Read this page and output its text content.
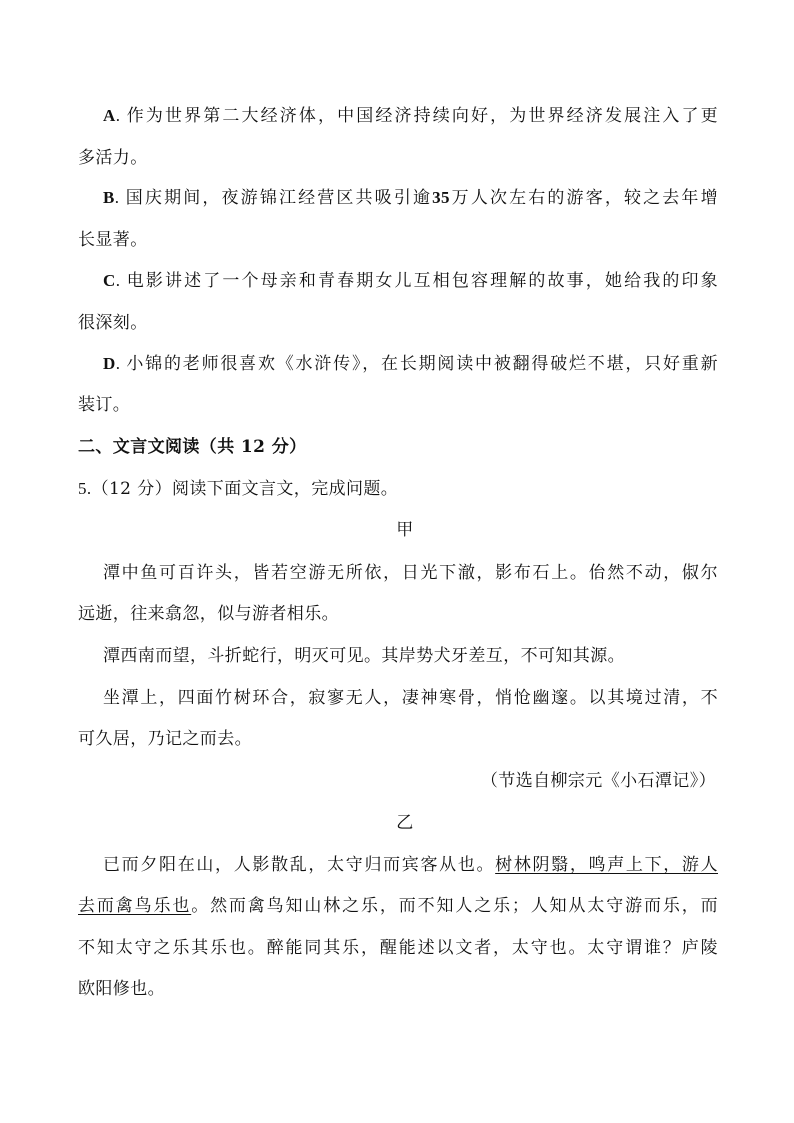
A. 作为世界第二大经济体，中国经济持续向好，为世界经济发展注入了更
多活力。
B. 国庆期间，夜游锦江经营区共吸引逾35万人次左右的游客，较之去年增
长显著。
C. 电影讲述了一个母亲和青春期女儿互相包容理解的故事，她给我的印象
很深刻。
D. 小锦的老师很喜欢《水浒传》，在长期阅读中被翻得破烂不堪，只好重新
装订。
二、文言文阅读（共 12 分）
5.（12 分）阅读下面文言文，完成问题。
甲
潭中鱼可百许头，皆若空游无所依，日光下澈，影布石上。佁然不动，俶尔
远逝，往来翕忽，似与游者相乐。
潭西南而望，斗折蛇行，明灭可见。其岸势犬牙差互，不可知其源。
坐潭上，四面竹树环合，寂寥无人，凄神寒骨，悄怆幽邃。以其境过清，不
可久居，乃记之而去。
（节选自柳宗元《小石潭记》）
乙
已而夕阳在山，人影散乱，太守归而宾客从也。树林阴翳，鸣声上下，游人
去而禽鸟乐也。然而禽鸟知山林之乐，而不知人之乐；人知从太守游而乐，而
不知太守之乐其乐也。醉能同其乐，醒能述以文者，太守也。太守谓谁？庐陵
欧阳修也。
